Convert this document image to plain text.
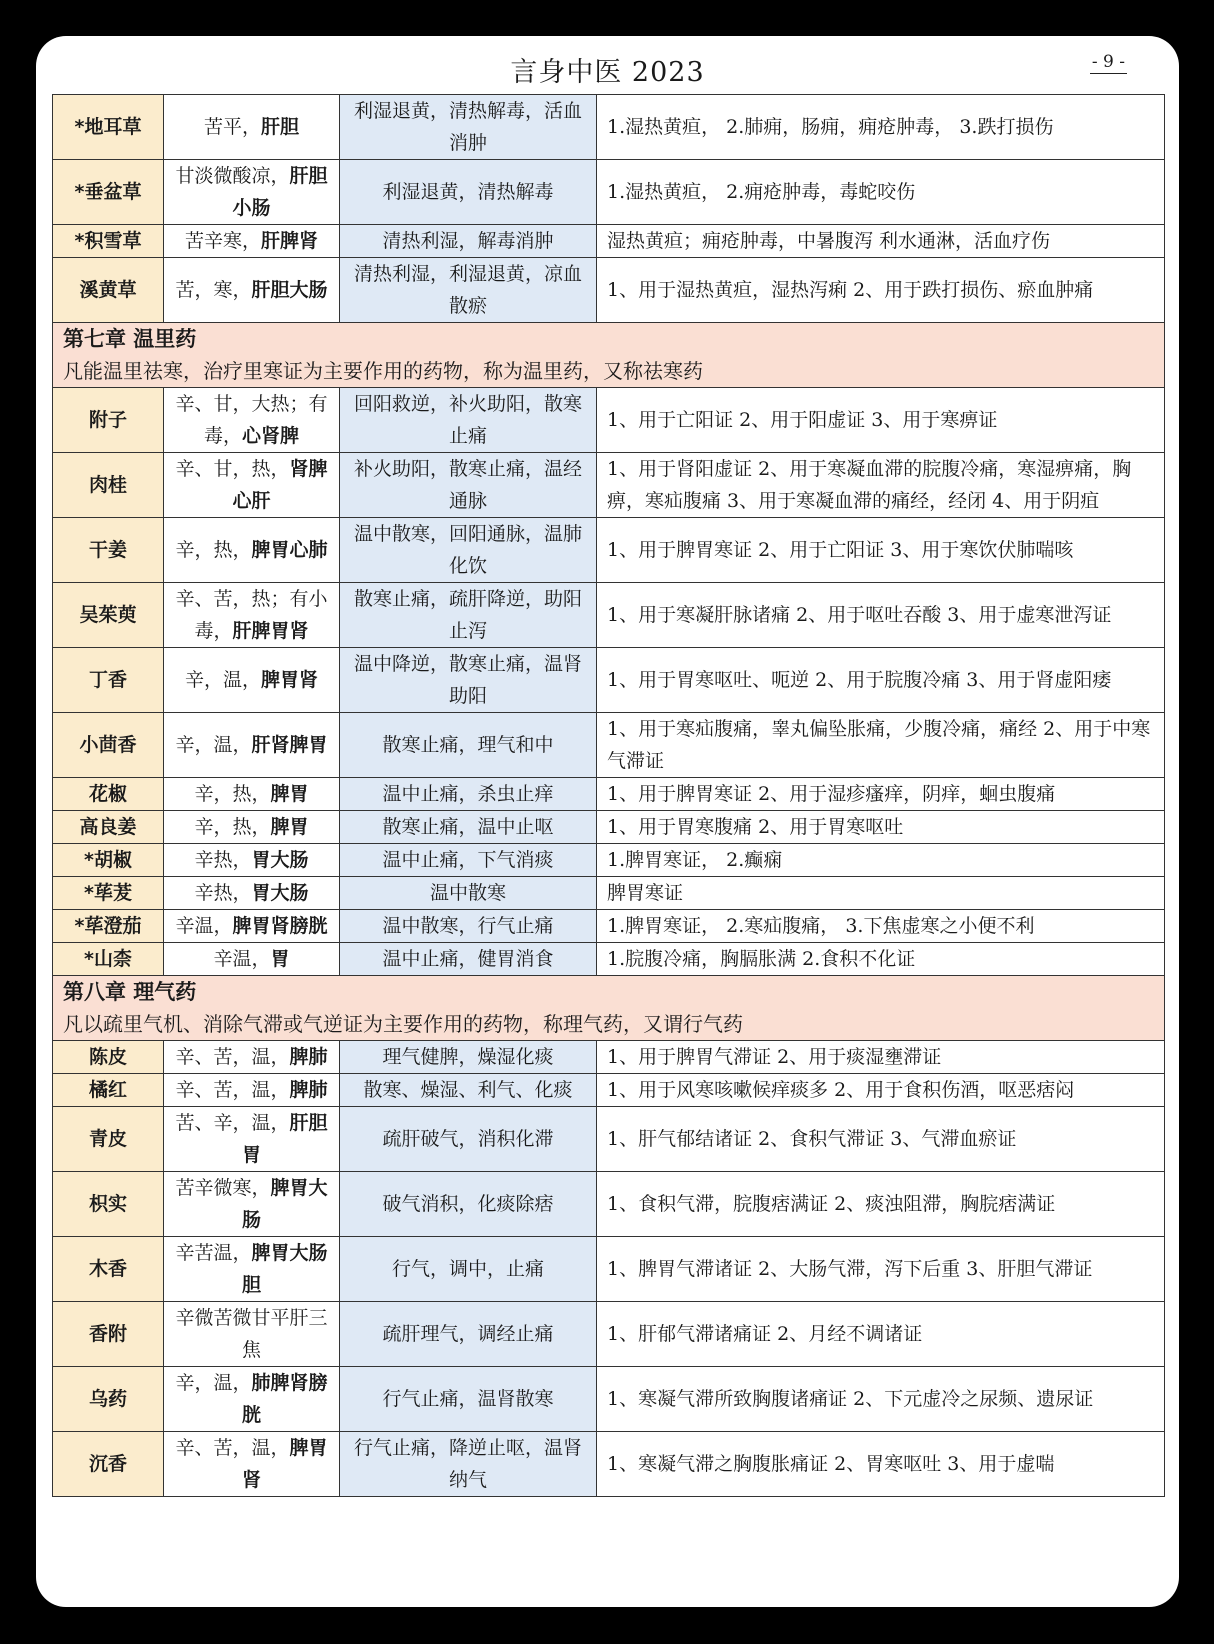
言身中医 2023	- 9 -
*地耳草	苦平，肝胆	利湿退黄，清热解毒，活血消肿	1.湿热黄疸， 2.肺痈，肠痈，痈疮肿毒， 3.跌打损伤
*垂盆草	甘淡微酸凉，肝胆小肠	利湿退黄，清热解毒	1.湿热黄疸， 2.痈疮肿毒，毒蛇咬伤
*积雪草	苦辛寒，肝脾肾	清热利湿，解毒消肿	湿热黄疸；痈疮肿毒，中暑腹泻 利水通淋，活血疗伤
溪黄草	苦，寒，肝胆大肠	清热利湿，利湿退黄，凉血散瘀	1、用于湿热黄疸，湿热泻痢 2、用于跌打损伤、瘀血肿痛

第七章 温里药
凡能温里祛寒，治疗里寒证为主要作用的药物，称为温里药，又称祛寒药			

附子	辛、甘，大热；有毒，心肾脾	回阳救逆，补火助阳，散寒止痛	1、用于亡阳证 2、用于阳虚证 3、用于寒痹证
肉桂	辛、甘，热，肾脾心肝	补火助阳，散寒止痛，温经通脉	1、用于肾阳虚证 2、用于寒凝血滞的脘腹冷痛，寒湿痹痛，胸痹，寒疝腹痛 3、用于寒凝血滞的痛经，经闭 4、用于阴疽
干姜	辛，热，脾胃心肺	温中散寒，回阳通脉，温肺化饮	1、用于脾胃寒证 2、用于亡阳证 3、用于寒饮伏肺喘咳
吴茱萸	辛、苦，热；有小毒，肝脾胃肾	散寒止痛，疏肝降逆，助阳止泻	1、用于寒凝肝脉诸痛 2、用于呕吐吞酸 3、用于虚寒泄泻证
丁香	辛，温，脾胃肾	温中降逆，散寒止痛，温肾助阳	1、用于胃寒呕吐、呃逆 2、用于脘腹冷痛 3、用于肾虚阳痿
小茴香	辛，温，肝肾脾胃	散寒止痛，理气和中	1、用于寒疝腹痛，睾丸偏坠胀痛，少腹冷痛，痛经 2、用于中寒气滞证
花椒	辛，热，脾胃	温中止痛，杀虫止痒	1、用于脾胃寒证 2、用于湿疹瘙痒，阴痒，蛔虫腹痛
高良姜	辛，热，脾胃	散寒止痛，温中止呕	1、用于胃寒腹痛 2、用于胃寒呕吐
*胡椒	辛热，胃大肠	温中止痛，下气消痰	1.脾胃寒证， 2.癫痫
*荜茇	辛热，胃大肠	温中散寒	脾胃寒证
*荜澄茄	辛温，脾胃肾膀胱	温中散寒，行气止痛	1.脾胃寒证， 2.寒疝腹痛， 3.下焦虚寒之小便不利
*山柰	辛温，胃	温中止痛，健胃消食	1.脘腹冷痛，胸膈胀满 2.食积不化证

第八章 理气药
凡以疏里气机、消除气滞或气逆证为主要作用的药物，称理气药，又谓行气药			

陈皮	辛、苦，温，脾肺	理气健脾，燥湿化痰	1、用于脾胃气滞证 2、用于痰湿壅滞证
橘红	辛、苦，温，脾肺	散寒、燥湿、利气、化痰	1、用于风寒咳嗽候痒痰多 2、用于食积伤酒，呕恶痞闷
青皮	苦、辛，温，肝胆胃	疏肝破气，消积化滞	1、肝气郁结诸证 2、食积气滞证 3、气滞血瘀证
枳实	苦辛微寒，脾胃大肠	破气消积，化痰除痞	1、食积气滞，脘腹痞满证 2、痰浊阻滞，胸脘痞满证
木香	辛苦温，脾胃大肠胆	行气，调中，止痛	1、脾胃气滞诸证 2、大肠气滞，泻下后重 3、肝胆气滞证
香附	辛微苦微甘平肝三焦	疏肝理气，调经止痛	1、肝郁气滞诸痛证 2、月经不调诸证
乌药	辛，温，肺脾肾膀胱	行气止痛，温肾散寒	1、寒凝气滞所致胸腹诸痛证 2、下元虚冷之尿频、遗尿证
沉香	辛、苦，温，脾胃肾	行气止痛，降逆止呕，温肾纳气	1、寒凝气滞之胸腹胀痛证 2、胃寒呕吐 3、用于虚喘
